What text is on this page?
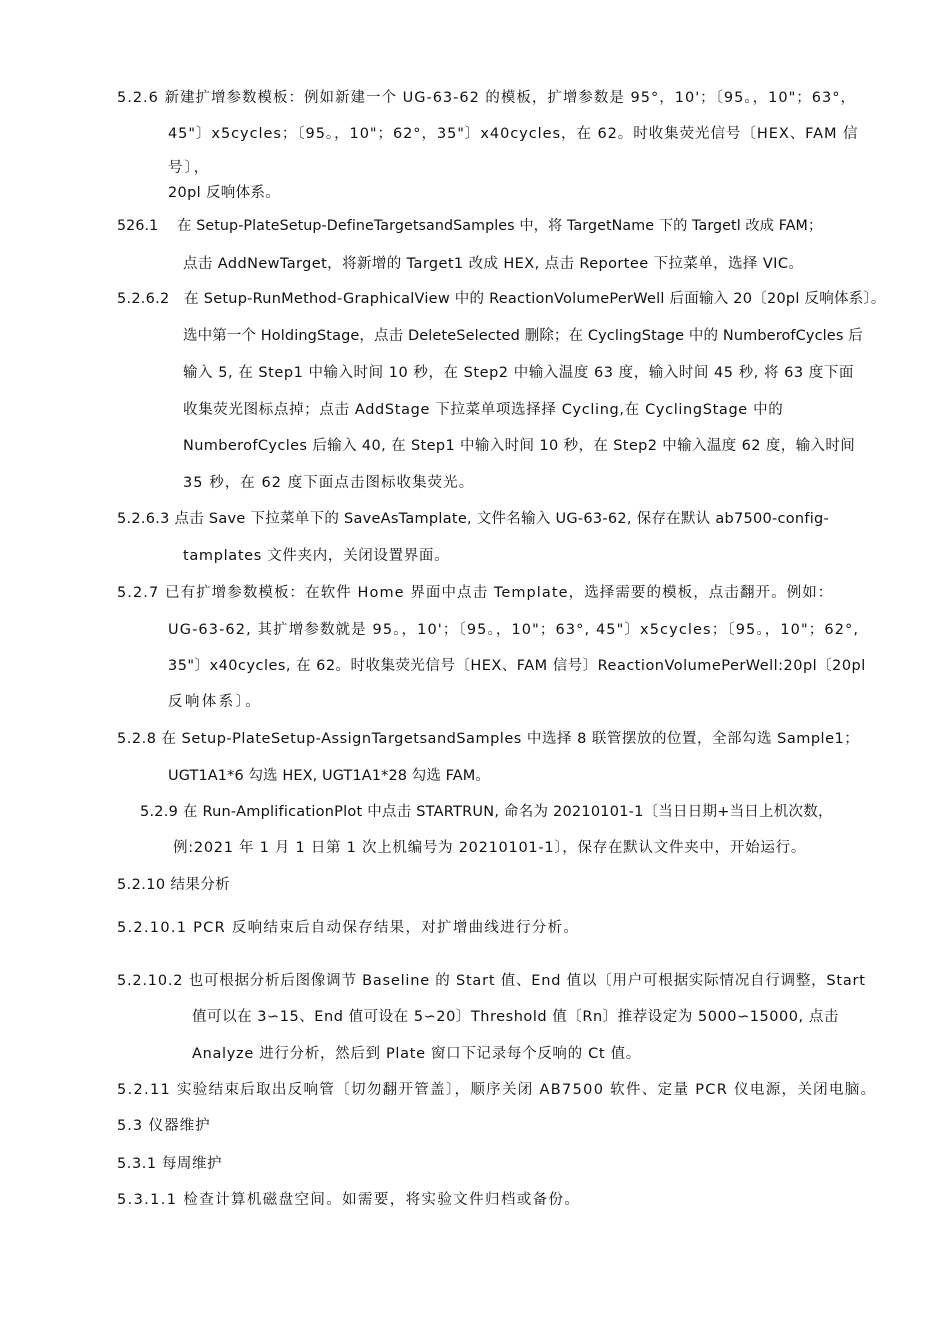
5.2.6 新建扩增参数模板：例如新建一个 UG-63-62 的模板，扩增参数是 95°，10'；〔95。，10"；63°，
45"〕x5cycles；〔95。，10"；62°，35"〕x40cycles，在 62。时收集荧光信号〔HEX、FAM 信
号〕，
20pl 反响体系。
526.1　 在 Setup-PlateSetup-DefineTargetsandSamples 中，将 TargetName 下的 Targetl 改成 FAM；
点击 AddNewTarget，将新增的 Target1 改成 HEX, 点击 Reportee 下拉菜单，选择 VIC。
5.2.6.2　在 Setup-RunMethod-GraphicalView 中的 ReactionVolumePerWell 后面输入 20〔20pl 反响体系〕。
选中第一个 HoldingStage，点击 DeleteSelected 删除；在 CyclingStage 中的 NumberofCycles 后
输入 5, 在 Step1 中输入时间 10 秒，在 Step2 中输入温度 63 度，输入时间 45 秒, 将 63 度下面
收集荧光图标点掉；点击 AddStage 下拉菜单项选择择 Cycling,在 CyclingStage 中的
NumberofCycles 后输入 40, 在 Step1 中输入时间 10 秒，在 Step2 中输入温度 62 度，输入时间
35 秒，在 62 度下面点击图标收集荧光。
5.2.6.3 点击 Save 下拉菜单下的 SaveAsTamplate, 文件名输入 UG-63-62, 保存在默认 ab7500-config-
tamplates 文件夹内，关闭设置界面。
5.2.7 已有扩增参数模板：在软件 Home 界面中点击 Template，选择需要的模板，点击翻开。例如：
UG-63-62, 其扩增参数就是 95。，10'；〔95。，10"；63°, 45"〕x5cycles；〔95。，10"；62°,
35"〕x40cycles, 在 62。时收集荧光信号〔HEX、FAM 信号〕ReactionVolumePerWell:20pl〔20pl
反响体系〕。
5.2.8 在 Setup-PlateSetup-AssignTargetsandSamples 中选择 8 联管摆放的位置，全部勾选 Sample1；
UGT1A1*6 勾选 HEX, UGT1A1*28 勾选 FAM。
5.2.9 在 Run-AmplificationPlot 中点击 STARTRUN, 命名为 20210101-1〔当日日期+当日上机次数，
例:2021 年 1 月 1 日第 1 次上机编号为 20210101-1〕，保存在默认文件夹中，开始运行。
5.2.10 结果分析
5.2.10.1 PCR 反响结束后自动保存结果，对扩增曲线进行分析。
5.2.10.2 也可根据分析后图像调节 Baseline 的 Start 值、End 值以〔用户可根据实际情况自行调整，Start
值可以在 3∽15、End 值可设在 5∽20〕Threshold 值〔Rn〕推荐设定为 5000∽15000, 点击
Analyze 进行分析，然后到 Plate 窗口下记录每个反响的 Ct 值。
5.2.11 实验结束后取出反响管〔切勿翻开管盖〕，顺序关闭 AB7500 软件、定量 PCR 仪电源，关闭电脑。
5.3 仪器维护
5.3.1 每周维护
5.3.1.1 检查计算机磁盘空间。如需要，将实验文件归档或备份。
